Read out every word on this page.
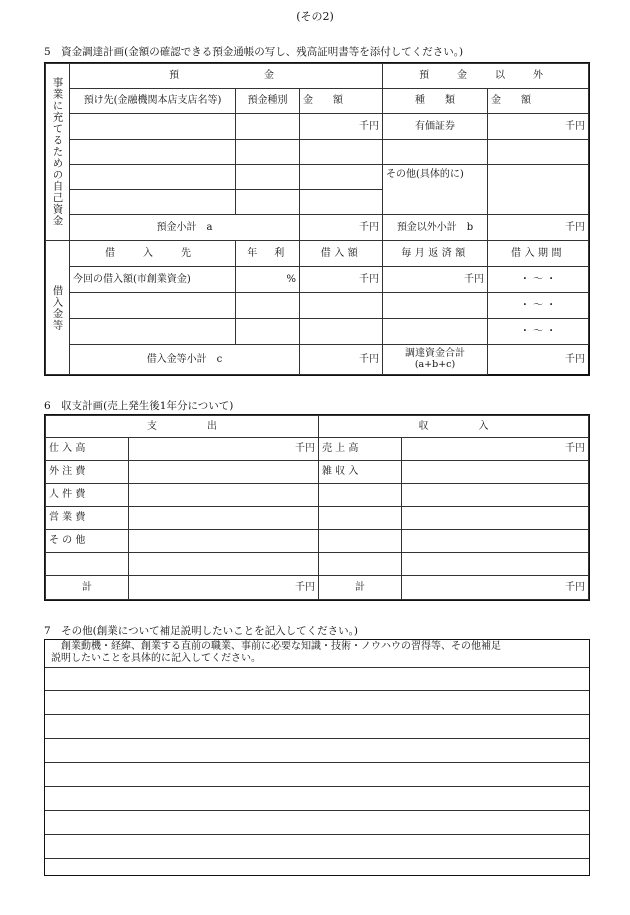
(その2)
5　資金調達計画(金額の確認できる預金通帳の写し、残高証明書等を添付してください。)
事業に充てるための自己資金	預　　　　金			預　金　以　外	
	預け先(金融機関本店支店名等)	預金種別	金　　額	種　　類	金　　額
			千円	有価証券	千円

				その他(具体的に)	

	預金小計　a		千円	預金以外小計　b	千円
借入金等	借　入　先	年　利	借入額	毎月返済額	借入期間
	今回の借入額(市創業資金)	%	千円	千円	・ 〜 ・
					・ 〜 ・
					・ 〜 ・
	借入金等小計　c		千円	調達資金合計
(a+b+c)	千円
6　収支計画(売上発生後1年分について)
支　　　　　出		収　　　　　入	
仕 入 高	千円	売 上 高	千円
外 注 費		雑 収 入	
人 件 費			
営 業 費			
そ の 他			

計	千円	計	千円
7　その他(創業について補足説明したいことを記入してください。)
創業動機・経緯、創業する直前の職業、事前に必要な知識・技術・ノウハウの習得等、その他補足
説明したいことを具体的に記入してください。
